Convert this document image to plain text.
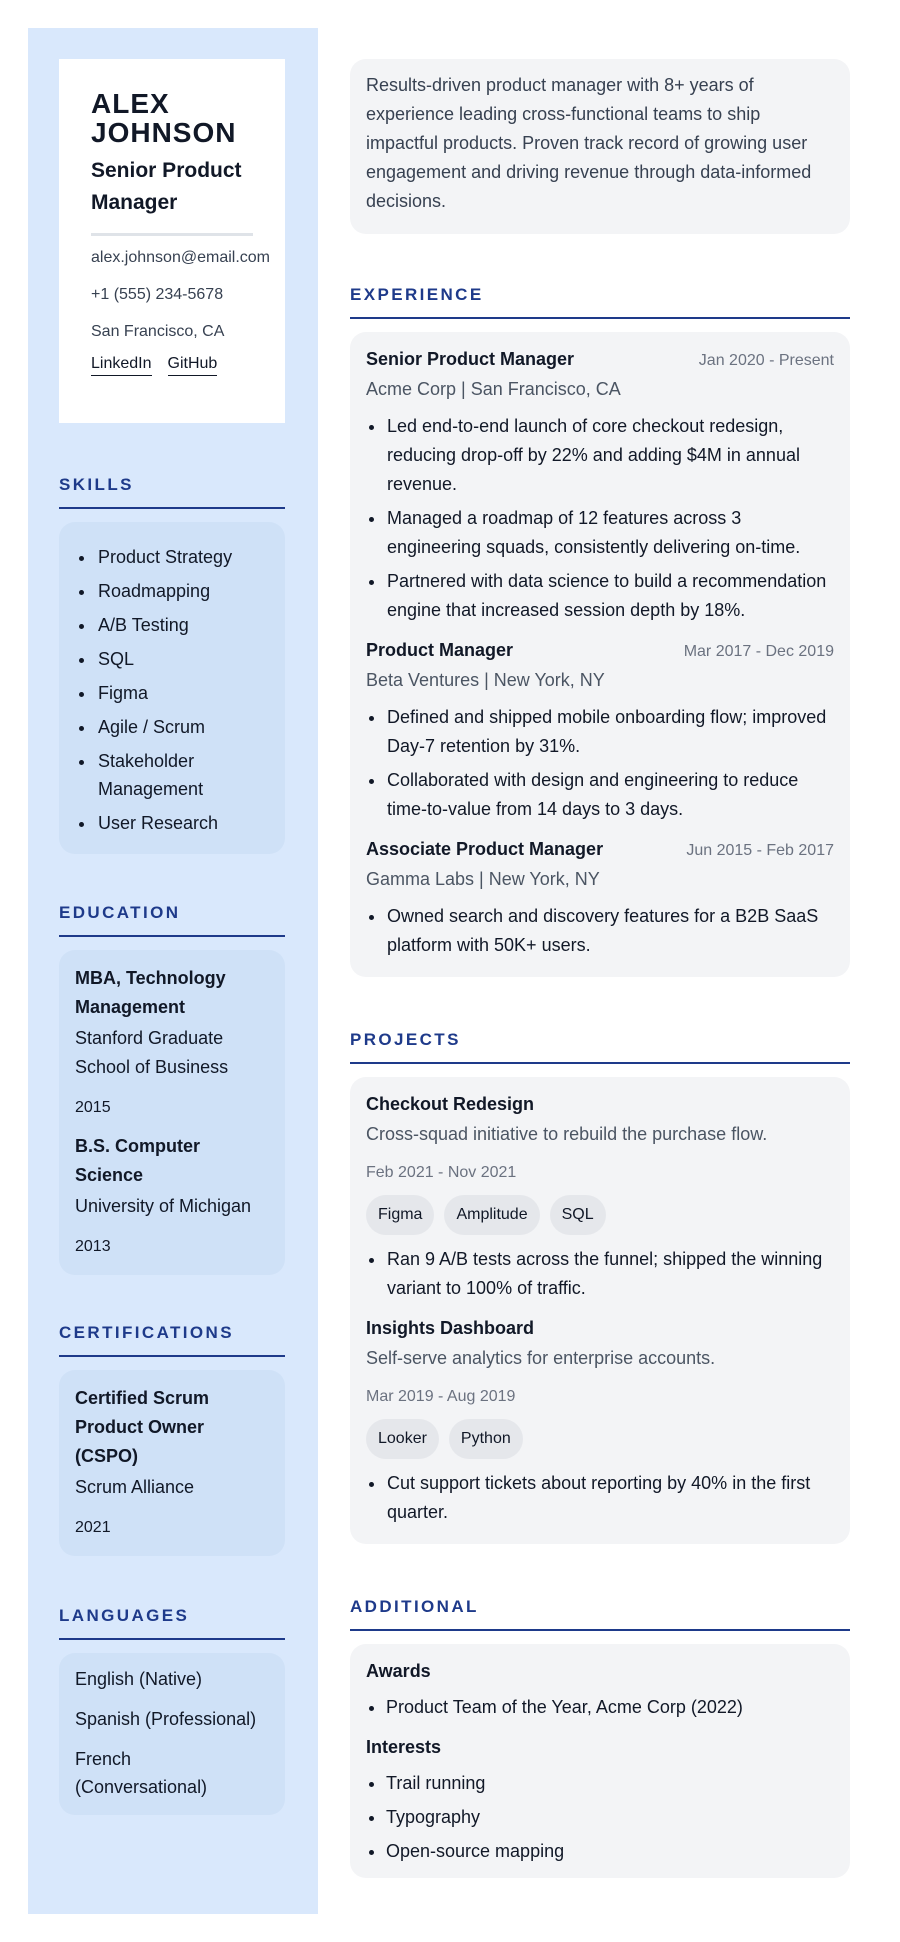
ALEX
JOHNSON
Senior Product
Manager
alex.johnson@email.com
+1 (555) 234-5678
San Francisco, CA
LinkedIn GitHub
SKILLS
• Product Strategy
• Roadmapping
• A/B Testing
• SQL
• Figma
• Agile / Scrum
• Stakeholder Management
• User Research
EDUCATION
MBA, Technology Management
Stanford Graduate School of Business
2015
B.S. Computer Science
University of Michigan
2013
CERTIFICATIONS
Certified Scrum Product Owner (CSPO)
Scrum Alliance
2021
LANGUAGES
English (Native)
Spanish (Professional)
French (Conversational)
Results-driven product manager with 8+ years of experience leading cross-functional teams to ship impactful products. Proven track record of growing user engagement and driving revenue through data-informed decisions.
EXPERIENCE
Senior Product Manager	Jan 2020 - Present
Acme Corp | San Francisco, CA
• Led end-to-end launch of core checkout redesign, reducing drop-off by 22% and adding $4M in annual revenue.
• Managed a roadmap of 12 features across 3 engineering squads, consistently delivering on-time.
• Partnered with data science to build a recommendation engine that increased session depth by 18%.
Product Manager	Mar 2017 - Dec 2019
Beta Ventures | New York, NY
• Defined and shipped mobile onboarding flow; improved Day-7 retention by 31%.
• Collaborated with design and engineering to reduce time-to-value from 14 days to 3 days.
Associate Product Manager	Jun 2015 - Feb 2017
Gamma Labs | New York, NY
• Owned search and discovery features for a B2B SaaS platform with 50K+ users.
PROJECTS
Checkout Redesign
Cross-squad initiative to rebuild the purchase flow.
Feb 2021 - Nov 2021
Figma	Amplitude	SQL
• Ran 9 A/B tests across the funnel; shipped the winning variant to 100% of traffic.
Insights Dashboard
Self-serve analytics for enterprise accounts.
Mar 2019 - Aug 2019
Looker	Python
• Cut support tickets about reporting by 40% in the first quarter.
ADDITIONAL
Awards
• Product Team of the Year, Acme Corp (2022)
Interests
• Trail running
• Typography
• Open-source mapping
